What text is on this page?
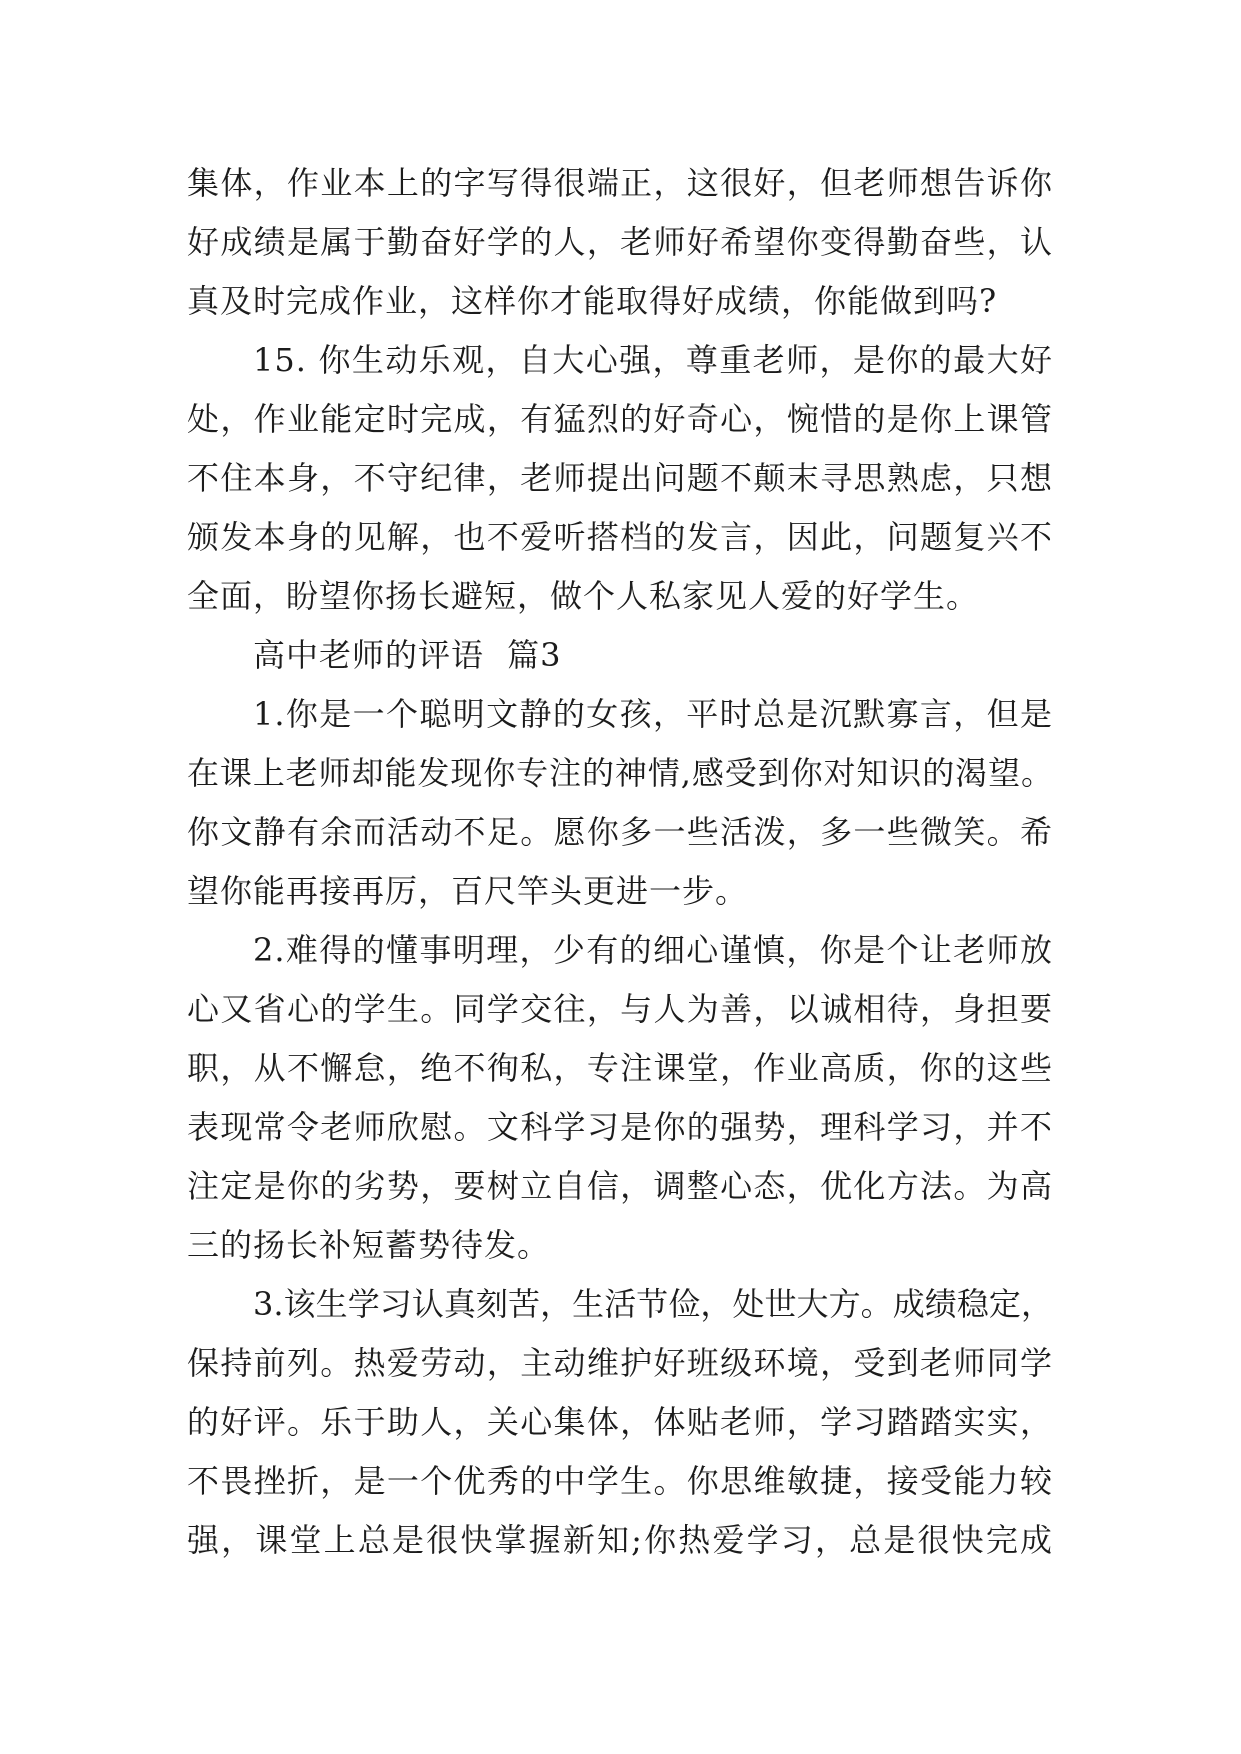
集体，作业本上的字写得很端正，这很好，但老师想告诉你
好成绩是属于勤奋好学的人，老师好希望你变得勤奋些，认
真及时完成作业，这样你才能取得好成绩，你能做到吗?
15. 你生动乐观，自大心强，尊重老师，是你的最大好
处，作业能定时完成，有猛烈的好奇心，惋惜的是你上课管
不住本身，不守纪律，老师提出问题不颠末寻思熟虑，只想
颁发本身的见解，也不爱听搭档的发言，因此，问题复兴不
全面，盼望你扬长避短，做个人私家见人爱的好学生。
高中老师的评语 篇3
1.你是一个聪明文静的女孩，平时总是沉默寡言，但是
在课上老师却能发现你专注的神情,感受到你对知识的渴望。
你文静有余而活动不足。愿你多一些活泼，多一些微笑。希
望你能再接再厉，百尺竿头更进一步。
2.难得的懂事明理，少有的细心谨慎，你是个让老师放
心又省心的学生。同学交往，与人为善，以诚相待，身担要
职，从不懈怠，绝不徇私，专注课堂，作业高质，你的这些
表现常令老师欣慰。文科学习是你的强势，理科学习，并不
注定是你的劣势，要树立自信，调整心态，优化方法。为高
三的扬长补短蓄势待发。
3.该生学习认真刻苦，生活节俭，处世大方。成绩稳定，
保持前列。热爱劳动，主动维护好班级环境，受到老师同学
的好评。乐于助人，关心集体，体贴老师，学习踏踏实实，
不畏挫折，是一个优秀的中学生。你思维敏捷，接受能力较
强，课堂上总是很快掌握新知;你热爱学习，总是很快完成
